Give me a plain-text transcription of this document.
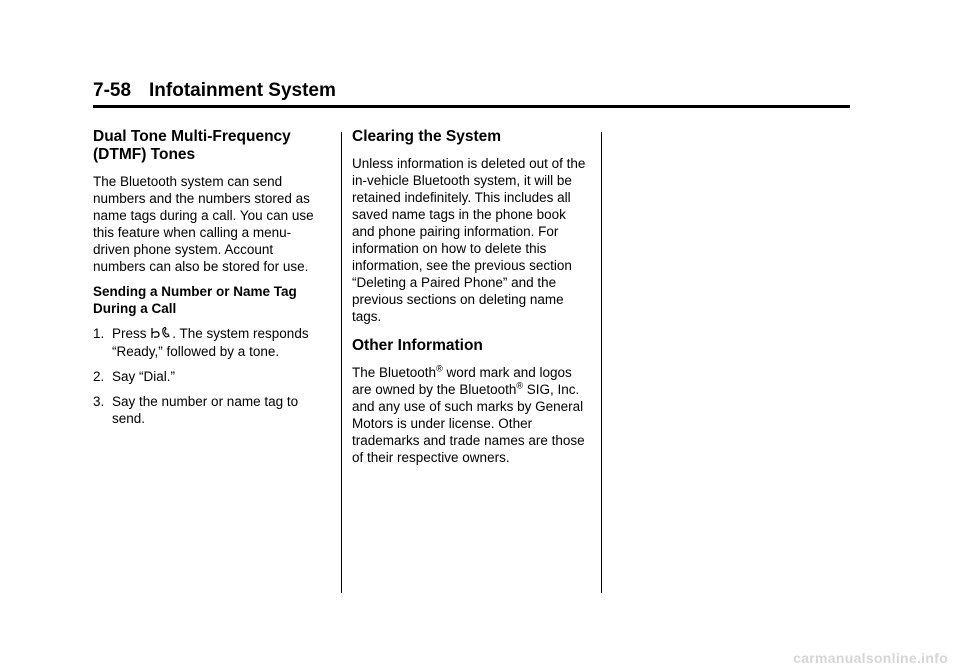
7-58 Infotainment System
Dual Tone Multi-Frequency (DTMF) Tones

The Bluetooth system can send numbers and the numbers stored as name tags during a call. You can use this feature when calling a menu-driven phone system. Account numbers can also be stored for use.

Sending a Number or Name Tag During a Call

1. Press . The system responds “Ready,” followed by a tone.
2. Say “Dial.”
3. Say the number or name tag to send.
Clearing the System

Unless information is deleted out of the in-vehicle Bluetooth system, it will be retained indefinitely. This includes all saved name tags in the phone book and phone pairing information. For information on how to delete this information, see the previous section “Deleting a Paired Phone” and the previous sections on deleting name tags.

Other Information

The Bluetooth® word mark and logos are owned by the Bluetooth® SIG, Inc. and any use of such marks by General Motors is under license. Other trademarks and trade names are those of their respective owners.

carmanualsonline.info
